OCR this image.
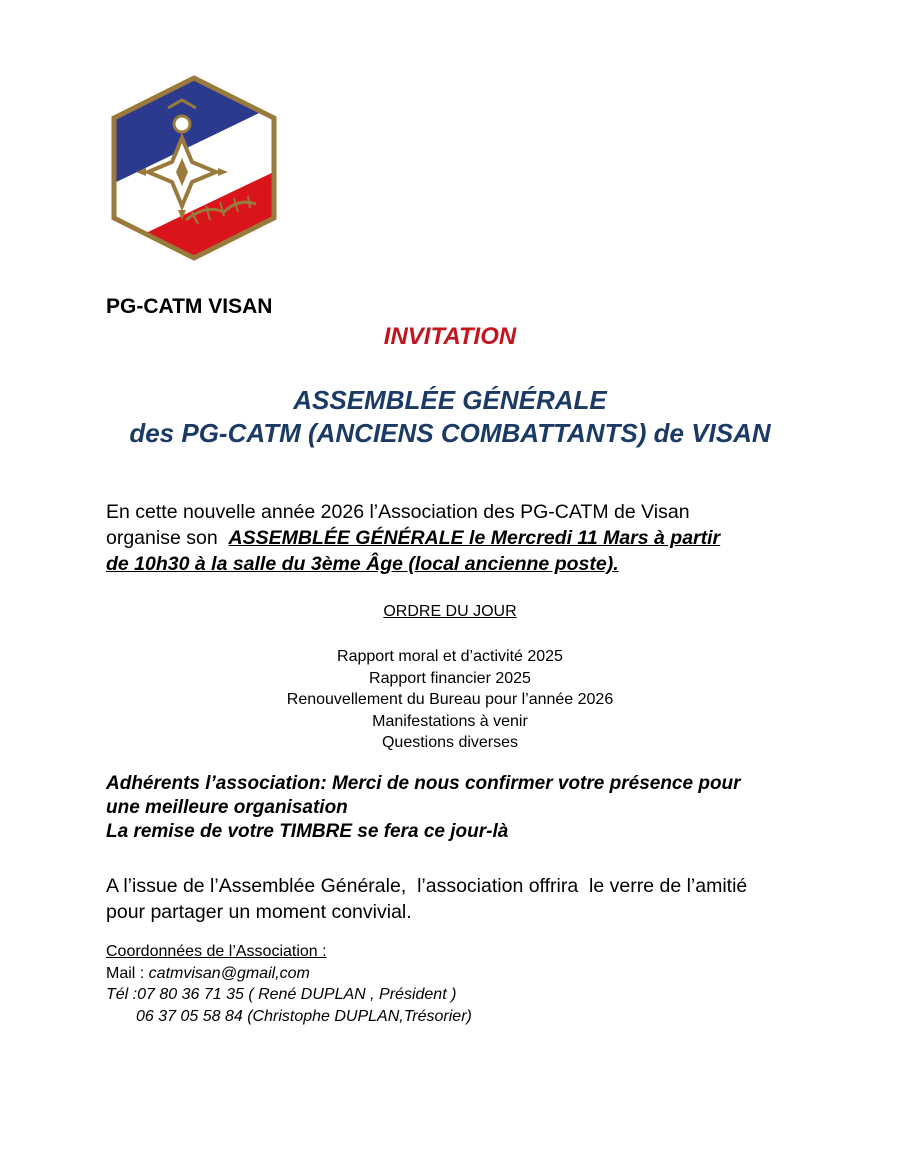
PG-CATM VISAN
INVITATION
ASSEMBLÉE GÉNÉRALE
des PG-CATM (ANCIENS COMBATTANTS) de VISAN
En cette nouvelle année 2026 l’Association des PG-CATM de Visan
organise son ASSEMBLÉE GÉNÉRALE le Mercredi 11 Mars à partir
de 10h30 à la salle du 3ème Âge (local ancienne poste).
ORDRE DU JOUR
Rapport moral et d’activité 2025
Rapport financier 2025
Renouvellement du Bureau pour l’année 2026
Manifestations à venir
Questions diverses
Adhérents l’association: Merci de nous confirmer votre présence pour
une meilleure organisation
La remise de votre TIMBRE se fera ce jour-là
A l’issue de l’Assemblée Générale,  l’association offrira  le verre de l’amitié
pour partager un moment convivial.
Coordonnées de l’Association :
Mail : catmvisan@gmail,com
Tél :07 80 36 71 35 ( René DUPLAN , Président )
06 37 05 58 84 (Christophe DUPLAN,Trésorier)
